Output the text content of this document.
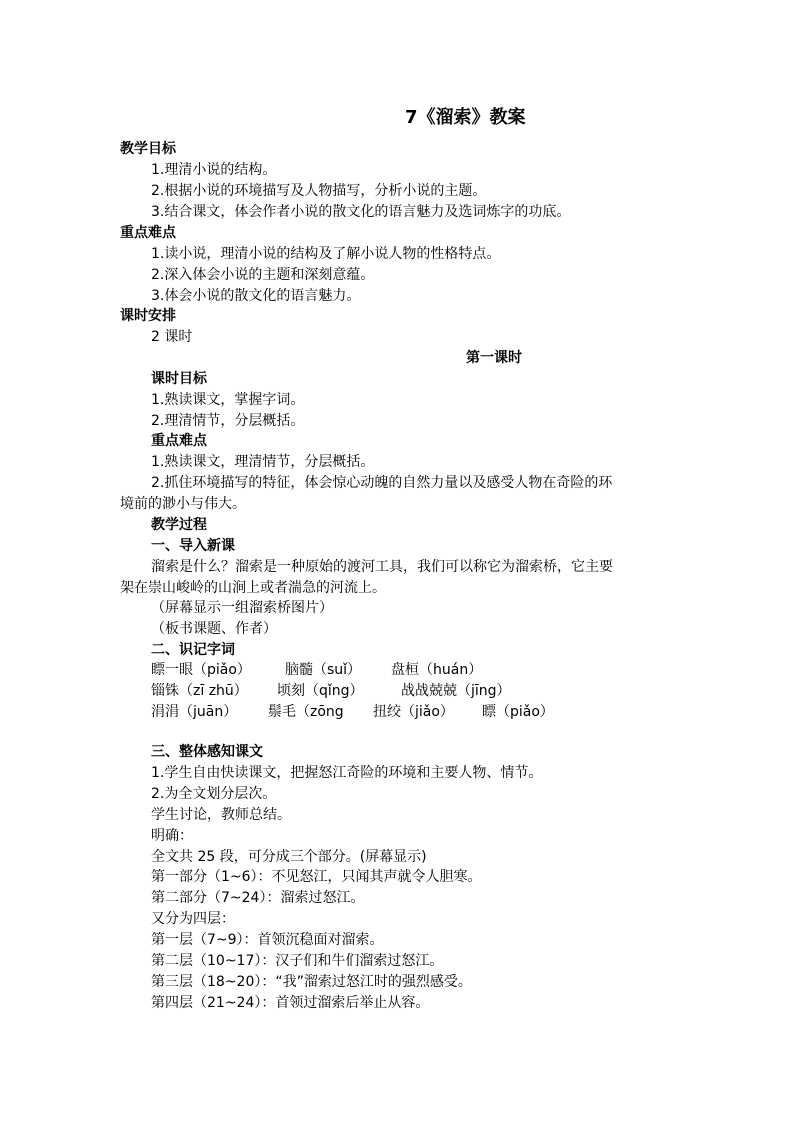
7《溜索》教案
教学目标
1.理清小说的结构。
2.根据小说的环境描写及人物描写，分析小说的主题。
3.结合课文，体会作者小说的散文化的语言魅力及选词炼字的功底。
重点难点
1.读小说，理清小说的结构及了解小说人物的性格特点。
2.深入体会小说的主题和深刻意蕴。
3.体会小说的散文化的语言魅力。
课时安排
2 课时
第一课时
课时目标
1.熟读课文，掌握字词。
2.理清情节，分层概括。
重点难点
1.熟读课文，理清情节，分层概括。
2.抓住环境描写的特征，体会惊心动魄的自然力量以及感受人物在奇险的环
境前的渺小与伟大。
教学过程
一、导入新课
溜索是什么？溜索是一种原始的渡河工具，我们可以称它为溜索桥，它主要
架在崇山峻岭的山涧上或者湍急的河流上。
（屏幕显示一组溜索桥图片）
（板书课题、作者）
二、识记字词
瞟一眼（piǎo） 脑髓（suǐ） 盘桓（huán）
锱铢（zī zhū） 顷刻（qǐng）	战战兢兢（jīng）
涓涓（juān） 鬃毛（zōng 扭绞（jiǎo） 瞟（piǎo）
三、整体感知课文
1.学生自由快读课文，把握怒江奇险的环境和主要人物、情节。
2.为全文划分层次。
学生讨论，教师总结。
明确：
全文共 25 段，可分成三个部分。(屏幕显示)
第一部分（1~6）：不见怒江，只闻其声就令人胆寒。
第二部分（7~24）：溜索过怒江。
又分为四层：
第一层（7~9）：首领沉稳面对溜索。
第二层（10~17）：汉子们和牛们溜索过怒江。
第三层（18~20）：“我”溜索过怒江时的强烈感受。
第四层（21~24）：首领过溜索后举止从容。
